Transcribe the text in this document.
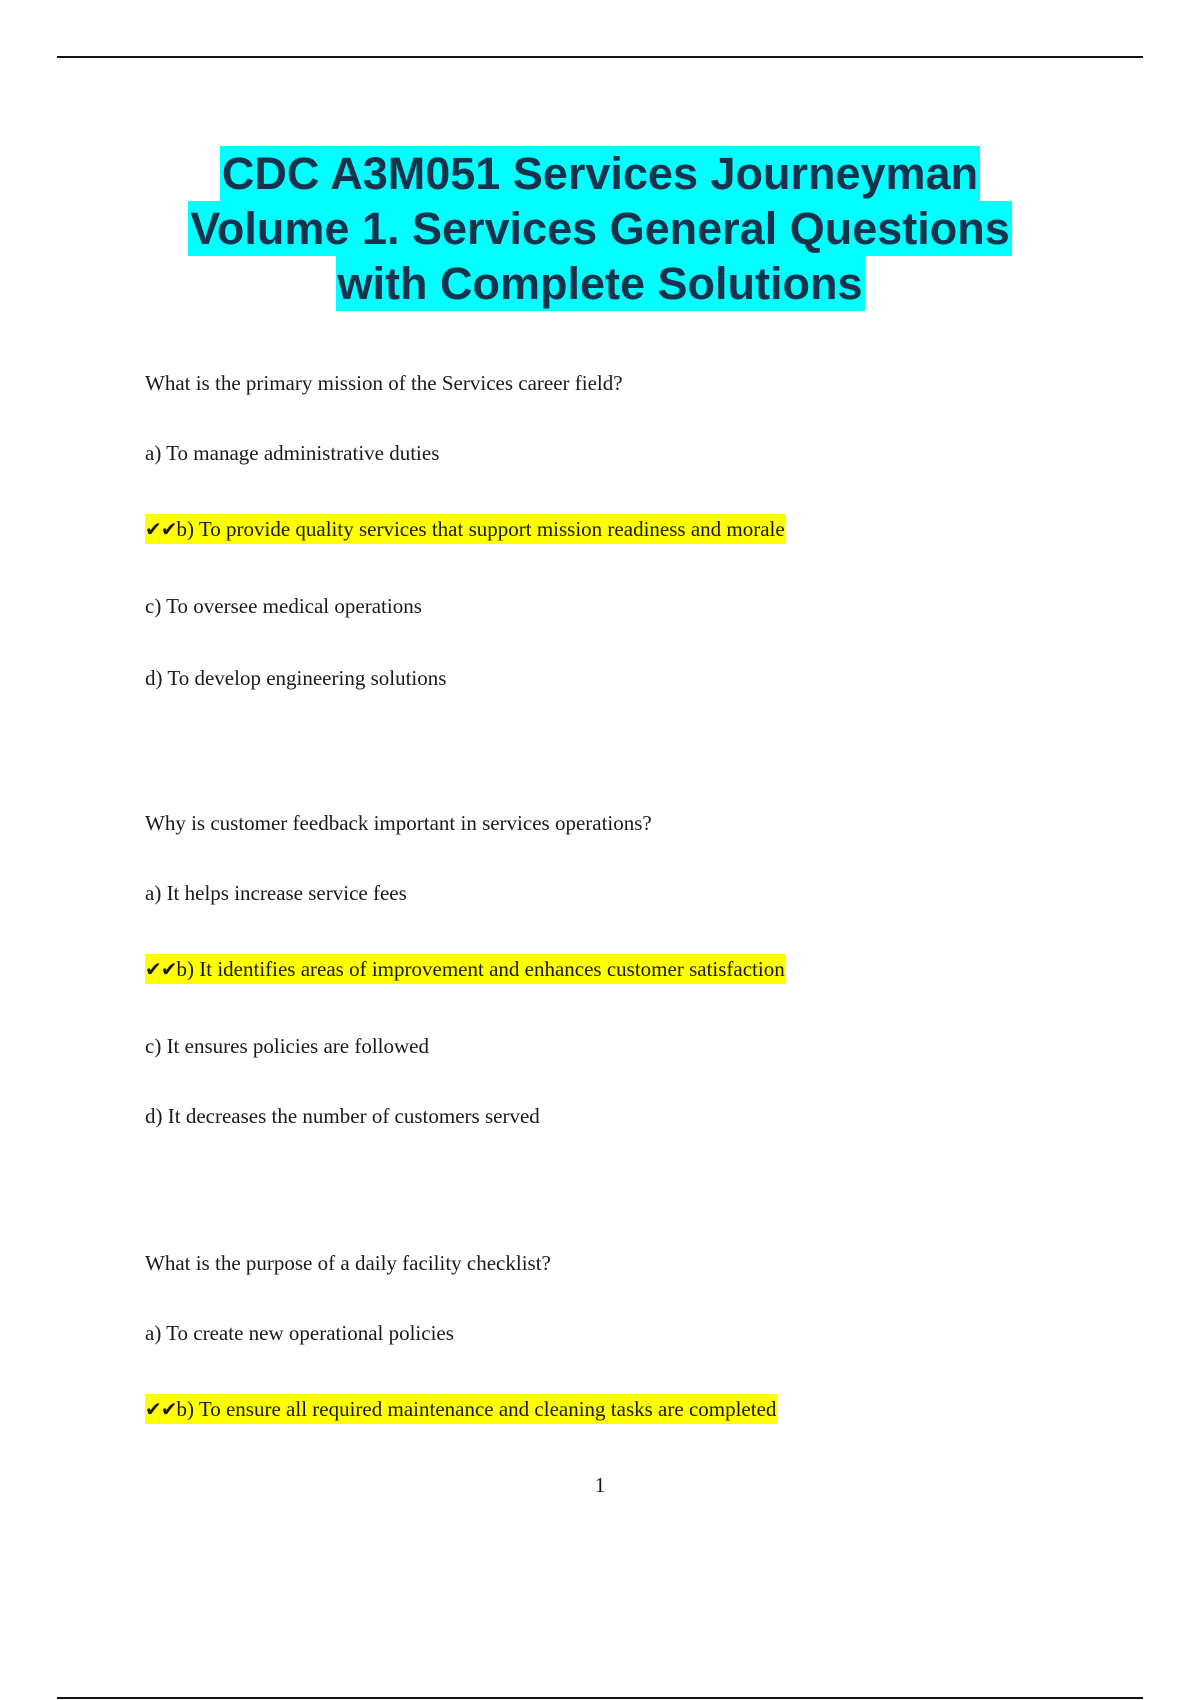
CDC A3M051 Services Journeyman
Volume 1. Services General Questions
with Complete Solutions
What is the primary mission of the Services career field?
a) To manage administrative duties
✔✔b) To provide quality services that support mission readiness and morale
c) To oversee medical operations
d) To develop engineering solutions
Why is customer feedback important in services operations?
a) It helps increase service fees
✔✔b) It identifies areas of improvement and enhances customer satisfaction
c) It ensures policies are followed
d) It decreases the number of customers served
What is the purpose of a daily facility checklist?
a) To create new operational policies
✔✔b) To ensure all required maintenance and cleaning tasks are completed
1
